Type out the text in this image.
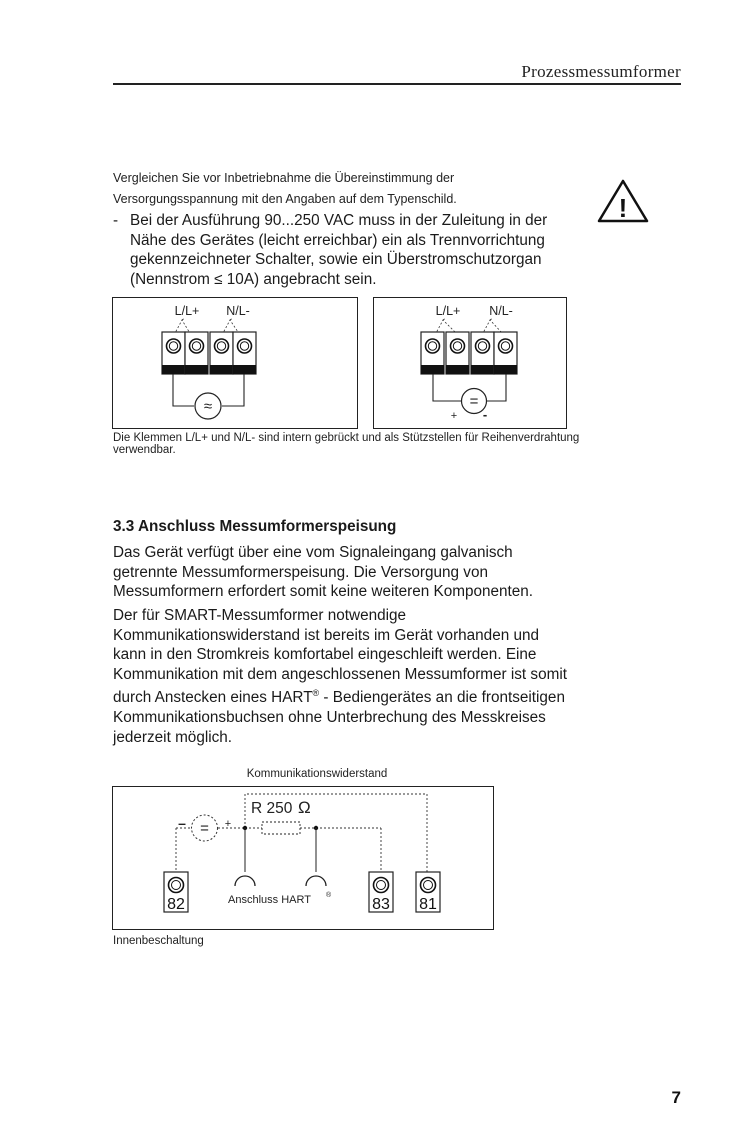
Prozessmessumformer
Vergleichen Sie vor Inbetriebnahme die Übereinstimmung der Versorgungsspannung mit den Angaben auf dem Typenschild.	!
- Bei der Ausführung 90...250 VAC muss in der Zuleitung in der Nähe des Gerätes (leicht erreichbar) ein als Trennvorrichtung gekennzeichneter Schalter, sowie ein Überstromschutzorgan (Nennstrom ≤ 10A) angebracht sein.
L/L+ N/L-
≈
L/L+ N/L-
=
+ -
Die Klemmen L/L+ und N/L- sind intern gebrückt und als Stützstellen für Reihenverdrahtung verwendbar.
3.3 Anschluss Messumformerspeisung
Das Gerät verfügt über eine vom Signaleingang galvanisch getrennte Messumformerspeisung. Die Versorgung von Messumformern erfordert somit keine weiteren Komponenten.
Der für SMART-Messumformer notwendige Kommunikationswiderstand ist bereits im Gerät vorhanden und kann in den Stromkreis komfortabel eingeschleift werden. Eine Kommunikation mit dem angeschlossenen Messumformer ist somit durch Anstecken eines HART® - Bediengerätes an die frontseitigen Kommunikationsbuchsen ohne Unterbrechung des Messkreises jederzeit möglich.
Kommunikationswiderstand
R 250 Ω
=
–	+
Anschluss HART ®
82	83 81
Innenbeschaltung
7
